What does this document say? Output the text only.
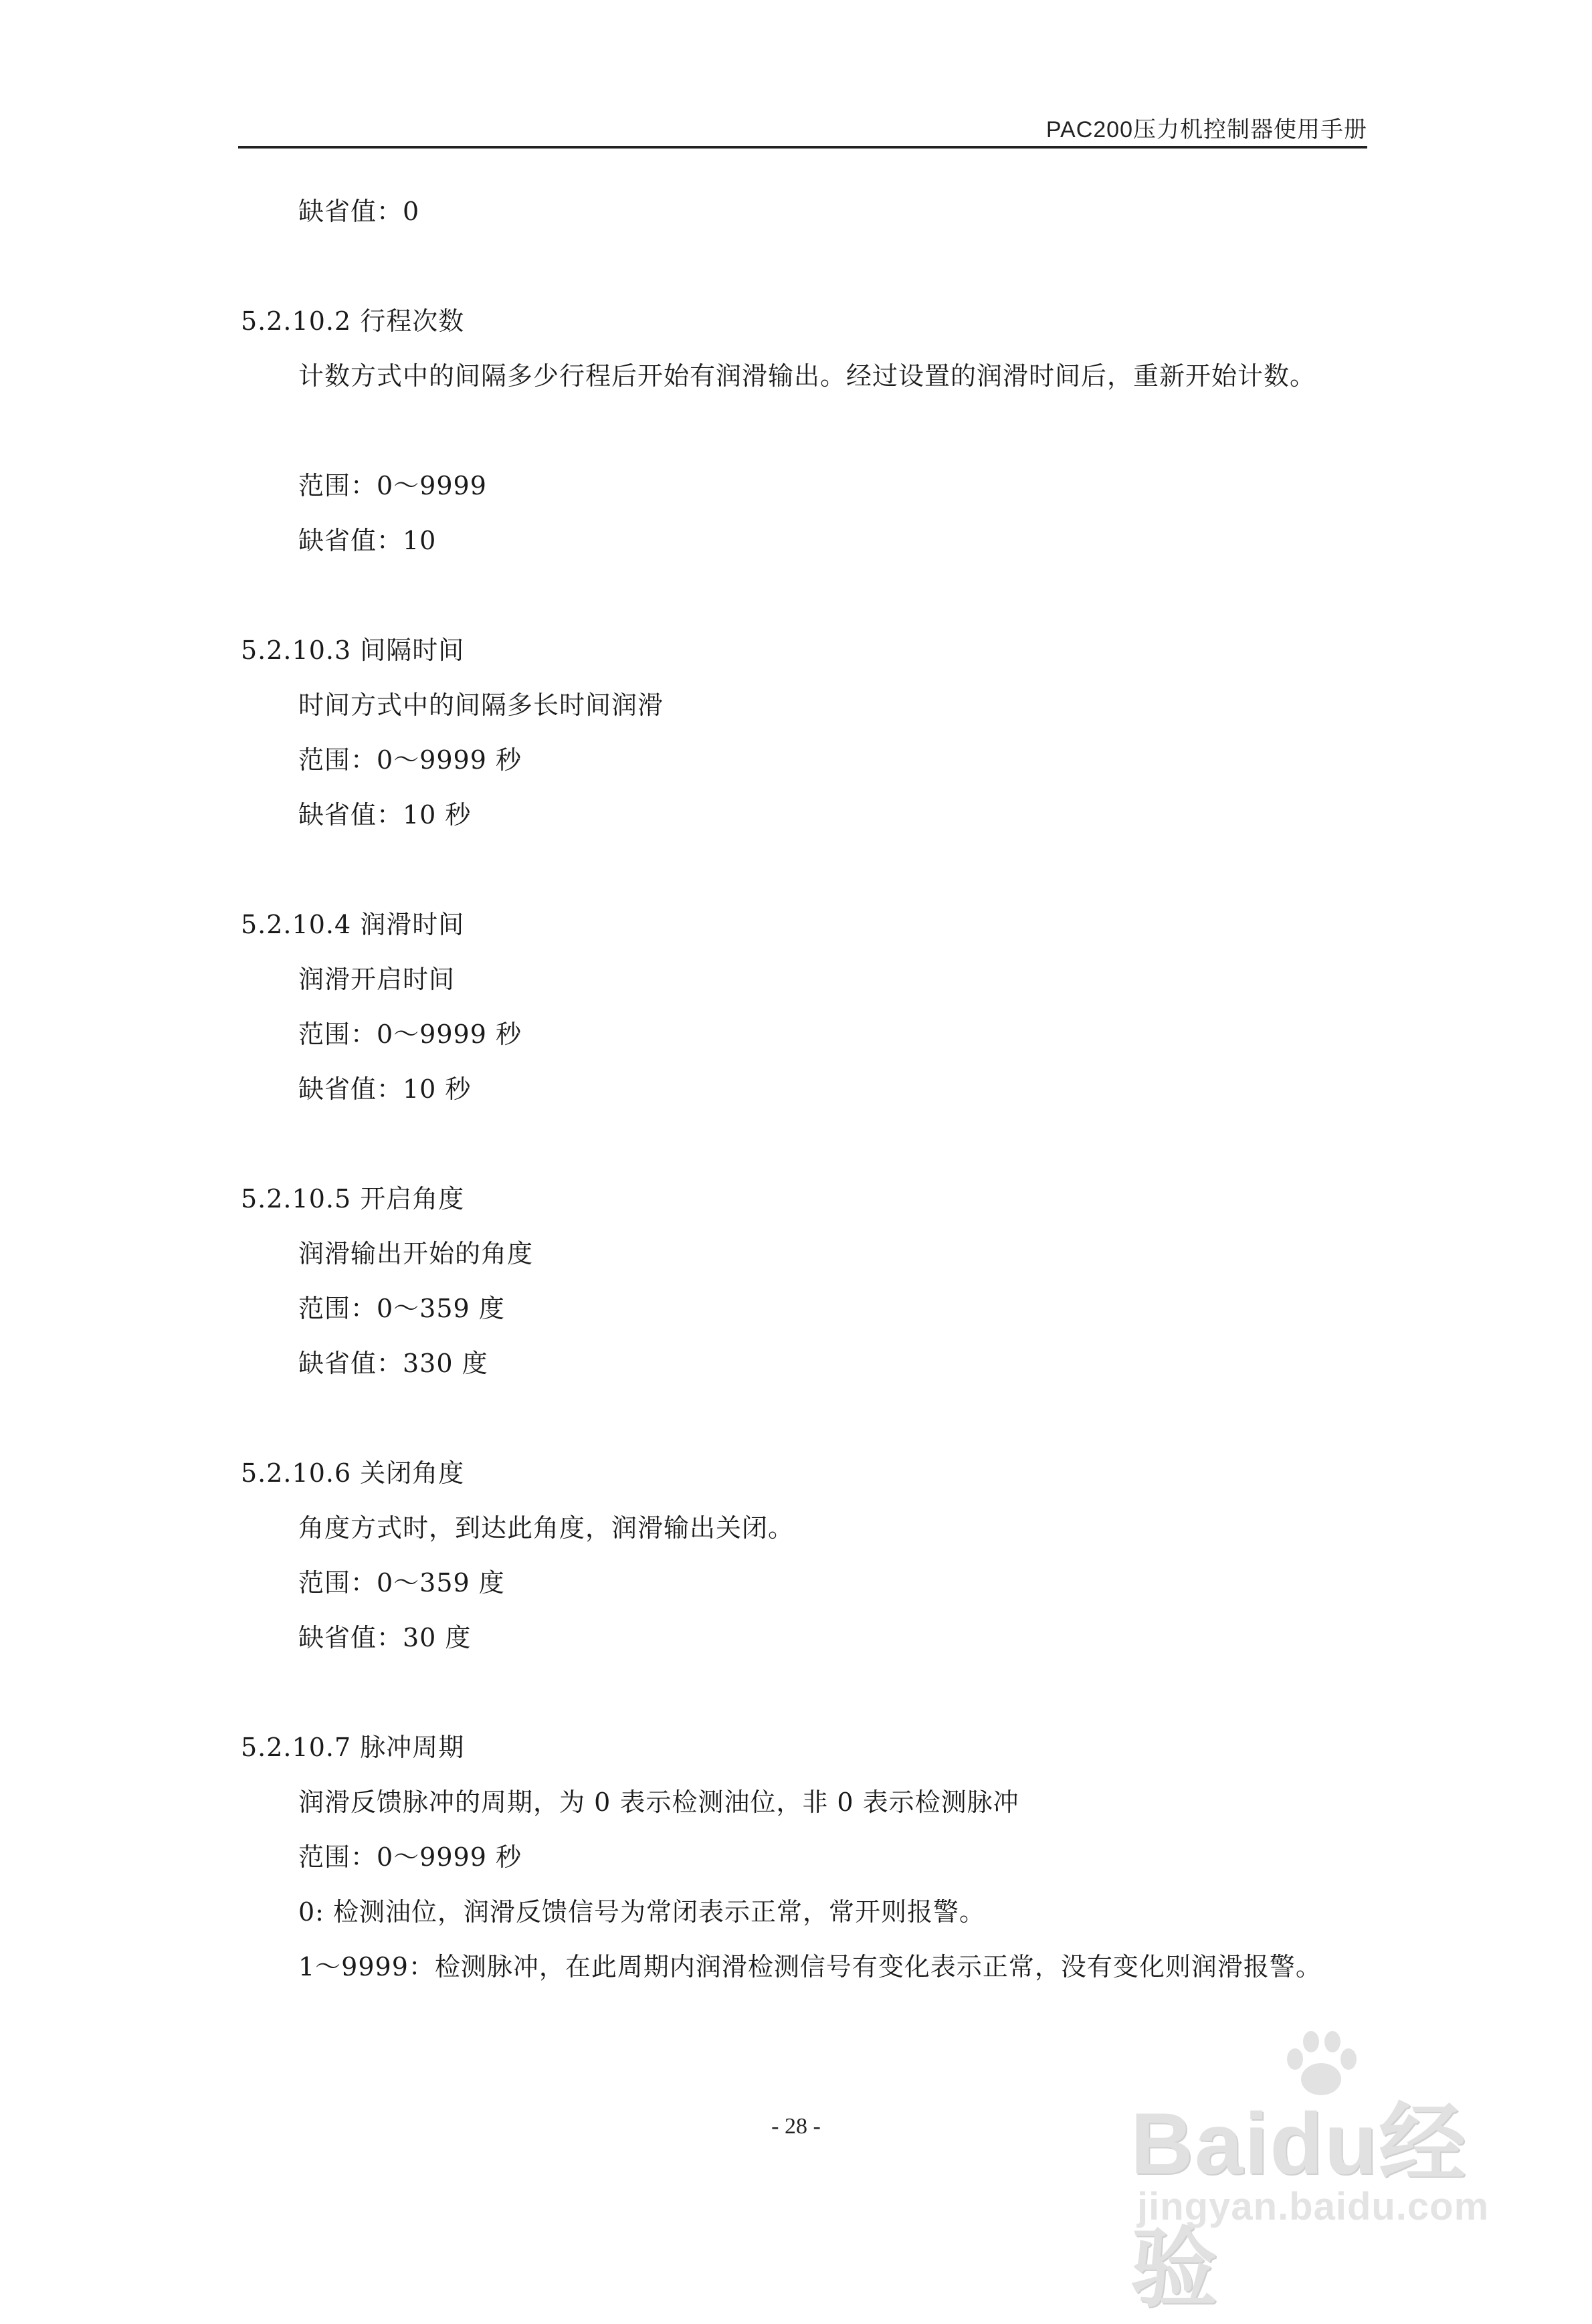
PAC200压力机控制器使用手册
缺省值：0
5.2.10.2 行程次数
计数方式中的间隔多少行程后开始有润滑输出。经过设置的润滑时间后，重新开始计数。
范围：0～9999
缺省值：10
5.2.10.3 间隔时间
时间方式中的间隔多长时间润滑
范围：0～9999 秒
缺省值：10 秒
5.2.10.4 润滑时间
润滑开启时间
范围：0～9999 秒
缺省值：10 秒
5.2.10.5 开启角度
润滑输出开始的角度
范围：0～359 度
缺省值：330 度
5.2.10.6 关闭角度
角度方式时，到达此角度，润滑输出关闭。
范围：0～359 度
缺省值：30 度
5.2.10.7 脉冲周期
润滑反馈脉冲的周期，为 0 表示检测油位，非 0 表示检测脉冲
范围：0～9999 秒
0: 检测油位，润滑反馈信号为常闭表示正常，常开则报警。
1～9999：检测脉冲，在此周期内润滑检测信号有变化表示正常，没有变化则润滑报警。
- 28 -	Baidu经验
jingyan.baidu.com
